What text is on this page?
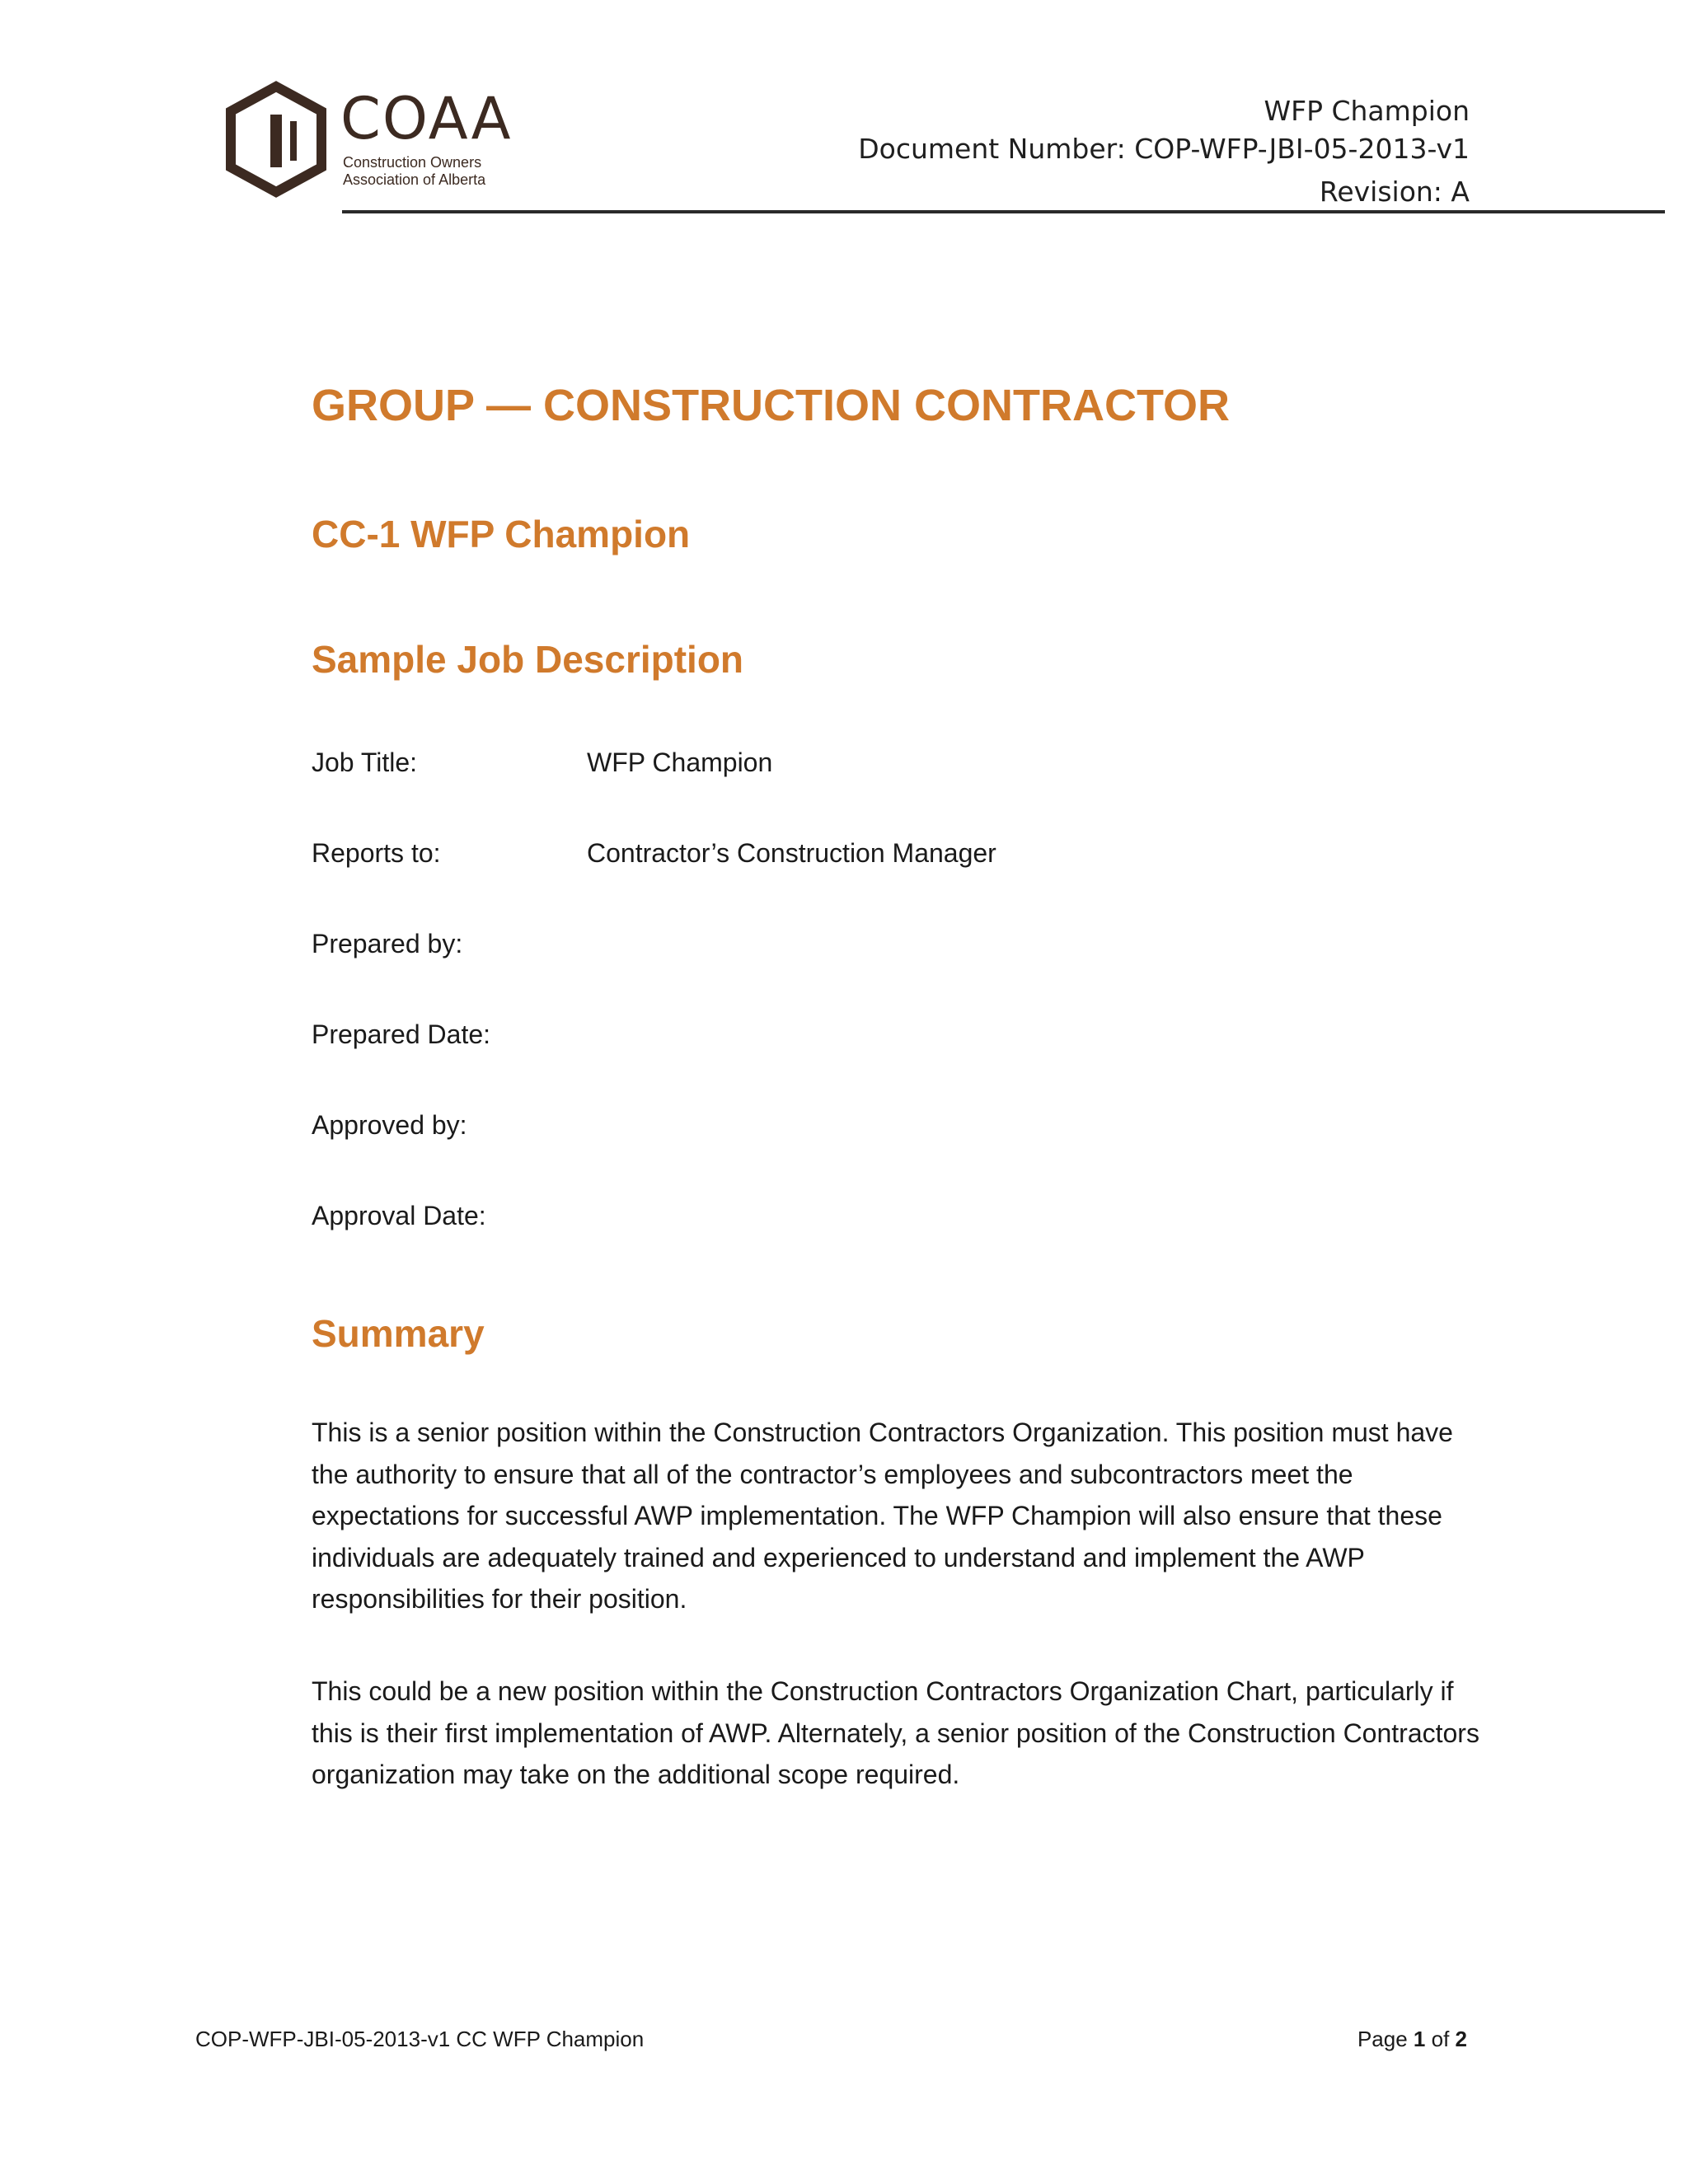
COAA
Construction Owners
Association of Alberta
WFP Champion
Document Number: COP-WFP-JBI-05-2013-v1
Revision: A
GROUP — CONSTRUCTION CONTRACTOR
CC-1 WFP Champion
Sample Job Description
Job Title:	WFP Champion
Reports to:	Contractor’s Construction Manager
Prepared by:
Prepared Date:
Approved by:
Approval Date:
Summary

This is a senior position within the Construction Contractors Organization. This position must have the authority to ensure that all of the contractor’s employees and subcontractors meet the expectations for successful AWP implementation. The WFP Champion will also ensure that these individuals are adequately trained and experienced to understand and implement the AWP responsibilities for their position.

This could be a new position within the Construction Contractors Organization Chart, particularly if this is their first implementation of AWP. Alternately, a senior position of the Construction Contractors organization may take on the additional scope required.

COP-WFP-JBI-05-2013-v1 CC WFP Champion	Page 1 of 2
